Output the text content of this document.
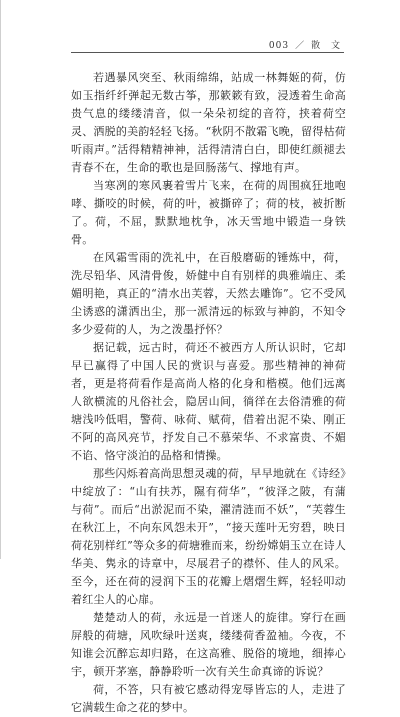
003 ／ 散 文

若遇暴风突至、秋雨绵绵，站成一林舞姬的荷，仿如玉指纤纤弹起无数古筝，那簌簌有致，浸透着生命高贵气息的缕缕清音，似一朵朵初绽的音符，挟着荷空灵、洒脱的美韵轻轻飞扬。“秋阴不散霜飞晚，留得枯荷听雨声。”活得精精神神，活得清清白白，即使红颜褪去青春不在，生命的歌也是回肠荡气、撑地有声。

当寒冽的寒风裹着雪片飞来，在荷的周围疯狂地咆哮、撕咬的时候，荷的叶，被撕碎了；荷的枝，被折断了。荷，不屈，默默地枕争，冰天雪地中锻造一身铁骨。

在风霜雪雨的洗礼中，在百般磨砺的锤炼中，荷，洗尽铅华、风清骨俊，娇健中自有别样的典雅端庄、柔媚明艳，真正的“清水出芙蓉，天然去雕饰”。它不受风尘诱惑的潇洒出尘，那一派清远的标致与神韵，不知令多少爱荷的人，为之泼墨抒怀？

据记载，远古时，荷还不被西方人所认识时，它却早已赢得了中国人民的赏识与喜爱。那些精神的神荷者，更是将荷看作是高尚人格的化身和楷模。他们远离人欲横流的凡俗社会，隐居山间，徜徉在去俗清雅的荷塘浅吟低唱，警荷、咏荷、赋荷，借着出泥不染、刚正不阿的高风亮节，抒发自己不慕荣华、不求富贵、不媚不谄、恪守淡泊的品格和情操。

那些闪烁着高尚思想灵魂的荷，早早地就在《诗经》中绽放了：“山有扶苏，隰有荷华”，“彼泽之陂，有蒲与荷”。而后“出淤泥而不染，濯清涟而不妖”，“芙蓉生在秋江上，不向东风怨未开”，“接天莲叶无穷碧，映日荷花别样红”等众多的荷塘雅而来，纷纷嫦娟玉立在诗人华美、隽永的诗章中，尽展君子的襟怀、佳人的风采。至今，还在荷的浸润下玉的花瓣上熠熠生辉，轻轻叩动着红尘人的心扉。

楚楚动人的荷，永远是一首迷人的旋律。穿行在画屏般的荷塘，风吹绿叶送爽，缕缕荷香盈袖。今夜，不知谁会沉醉忘却归路，在这高雅、脱俗的境地，细捧心宇，顿开茅塞，静静聆听一次有关生命真谛的诉说？

荷，不答，只有被它感动得宠辱皆忘的人，走进了它满载生命之花的梦中。
